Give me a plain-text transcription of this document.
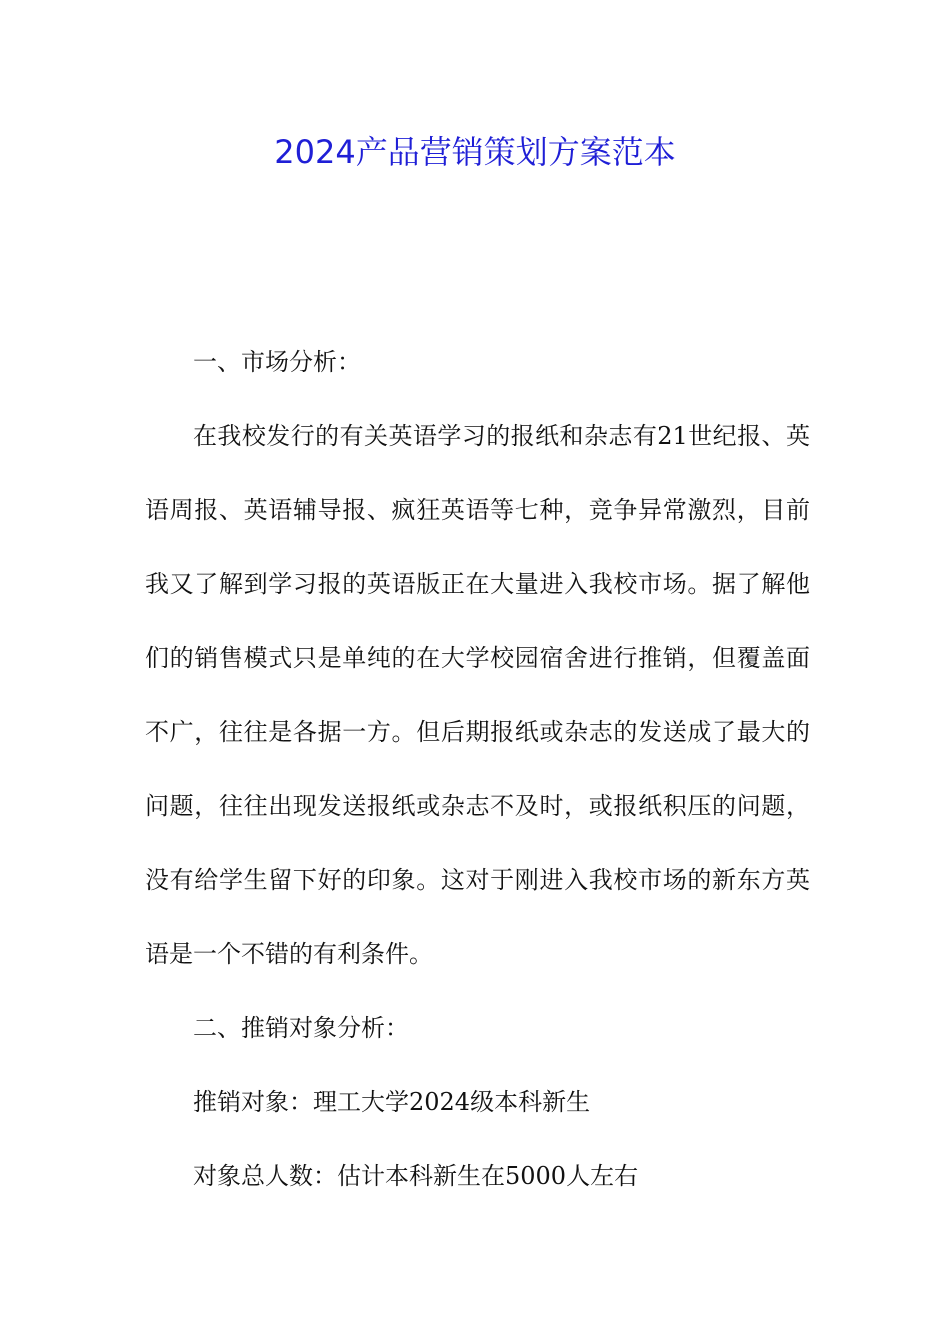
2024产品营销策划方案范本

一、市场分析：

在我校发行的有关英语学习的报纸和杂志有21世纪报、英语周报、英语辅导报、疯狂英语等七种，竞争异常激烈，目前我又了解到学习报的英语版正在大量进入我校市场。据了解他们的销售模式只是单纯的在大学校园宿舍进行推销，但覆盖面不广，往往是各据一方。但后期报纸或杂志的发送成了最大的问题，往往出现发送报纸或杂志不及时，或报纸积压的问题，没有给学生留下好的印象。这对于刚进入我校市场的新东方英语是一个不错的有利条件。

二、推销对象分析：

推销对象：理工大学2024级本科新生

对象总人数：估计本科新生在5000人左右
